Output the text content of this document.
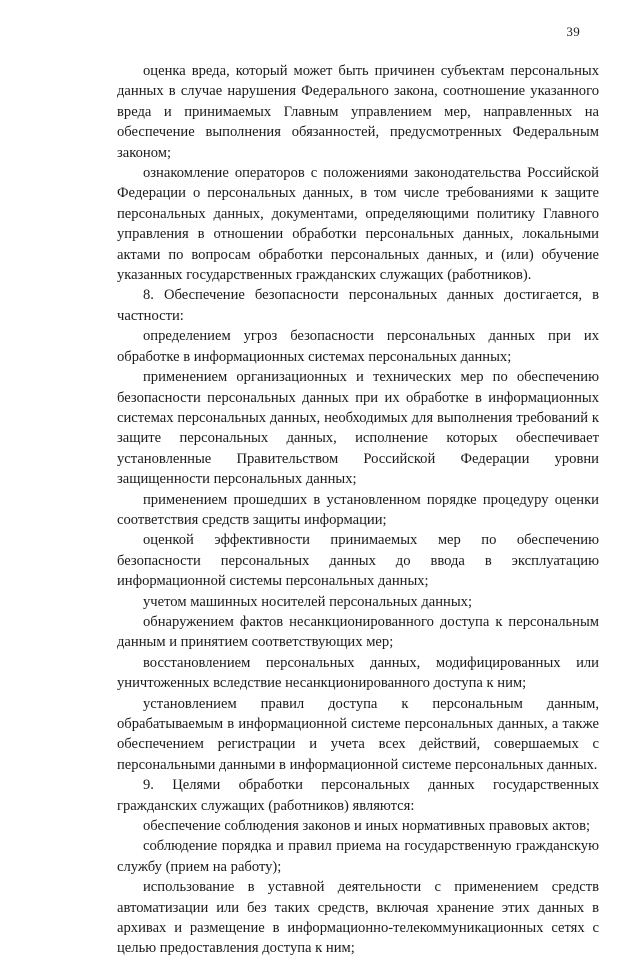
39

оценка вреда, который может быть причинен субъектам персональных данных в случае нарушения Федерального закона, соотношение указанного вреда и принимаемых Главным управлением мер, направленных на обеспечение выполнения обязанностей, предусмотренных Федеральным законом;

ознакомление операторов с положениями законодательства Российской Федерации о персональных данных, в том числе требованиями к защите персональных данных, документами, определяющими политику Главного управления в отношении обработки персональных данных, локальными актами по вопросам обработки персональных данных, и (или) обучение указанных государственных гражданских служащих (работников).

8. Обеспечение безопасности персональных данных достигается, в частности:

определением угроз безопасности персональных данных при их обработке в информационных системах персональных данных;

применением организационных и технических мер по обеспечению безопасности персональных данных при их обработке в информационных системах персональных данных, необходимых для выполнения требований к защите персональных данных, исполнение которых обеспечивает установленные Правительством Российской Федерации уровни защищенности персональных данных;

применением прошедших в установленном порядке процедуру оценки соответствия средств защиты информации;

оценкой эффективности принимаемых мер по обеспечению безопасности персональных данных до ввода в эксплуатацию информационной системы персональных данных;

учетом машинных носителей персональных данных;

обнаружением фактов несанкционированного доступа к персональным данным и принятием соответствующих мер;

восстановлением персональных данных, модифицированных или уничтоженных вследствие несанкционированного доступа к ним;

установлением правил доступа к персональным данным, обрабатываемым в информационной системе персональных данных, а также обеспечением регистрации и учета всех действий, совершаемых с персональными данными в информационной системе персональных данных.

9. Целями обработки персональных данных государственных гражданских служащих (работников) являются:

обеспечение соблюдения законов и иных нормативных правовых актов;

соблюдение порядка и правил приема на государственную гражданскую службу (прием на работу);

использование в уставной деятельности с применением средств автоматизации или без таких средств, включая хранение этих данных в архивах и размещение в информационно-телекоммуникационных сетях с целью предоставления доступа к ним;
